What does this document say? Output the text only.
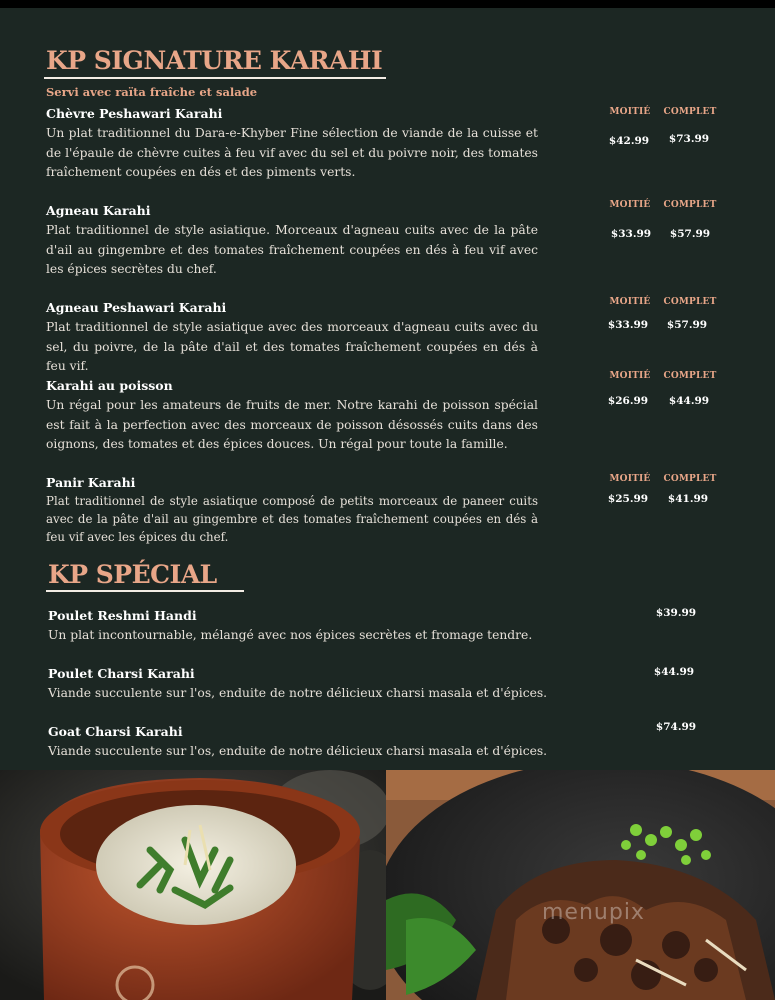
KP SIGNATURE KARAHI
Servi avec raïta fraîche et salade
Chèvre Peshawari Karahi
Un plat traditionnel du Dara-e-Khyber Fine sélection de viande de la cuisse et de l'épaule de chèvre cuites à feu vif avec du sel et du poivre noir, des tomates fraîchement coupées en dés et des piments verts.
MOITIÉ	COMPLET
$42.99	$73.99
Agneau Karahi
Plat traditionnel de style asiatique. Morceaux d'agneau cuits avec de la pâte d'ail au gingembre et des tomates fraîchement coupées en dés à feu vif avec les épices secrètes du chef.
MOITIÉ	COMPLET
$33.99	$57.99
Agneau Peshawari Karahi
Plat traditionnel de style asiatique avec des morceaux d'agneau cuits avec du sel, du poivre, de la pâte d'ail et des tomates fraîchement coupées en dés à feu vif.
MOITIÉ	COMPLET
$33.99	$57.99
Karahi au poisson
Un régal pour les amateurs de fruits de mer. Notre karahi de poisson spécial est fait à la perfection avec des morceaux de poisson désossés cuits dans des oignons, des tomates et des épices douces. Un régal pour toute la famille.
MOITIÉ	COMPLET
$26.99	$44.99
Panir Karahi
Plat traditionnel de style asiatique composé de petits morceaux de paneer cuits avec de la pâte d'ail au gingembre et des tomates fraîchement coupées en dés à feu vif avec les épices du chef.
MOITIÉ	COMPLET
$25.99	$41.99
KP SPÉCIAL
Poulet Reshmi Handi
Un plat incontournable, mélangé avec nos épices secrètes et fromage tendre.
$39.99
Poulet Charsi Karahi
Viande succulente sur l'os, enduite de notre délicieux charsi masala et d'épices.
$44.99
Goat Charsi Karahi
Viande succulente sur l'os, enduite de notre délicieux charsi masala et d'épices.
$74.99
menupix
